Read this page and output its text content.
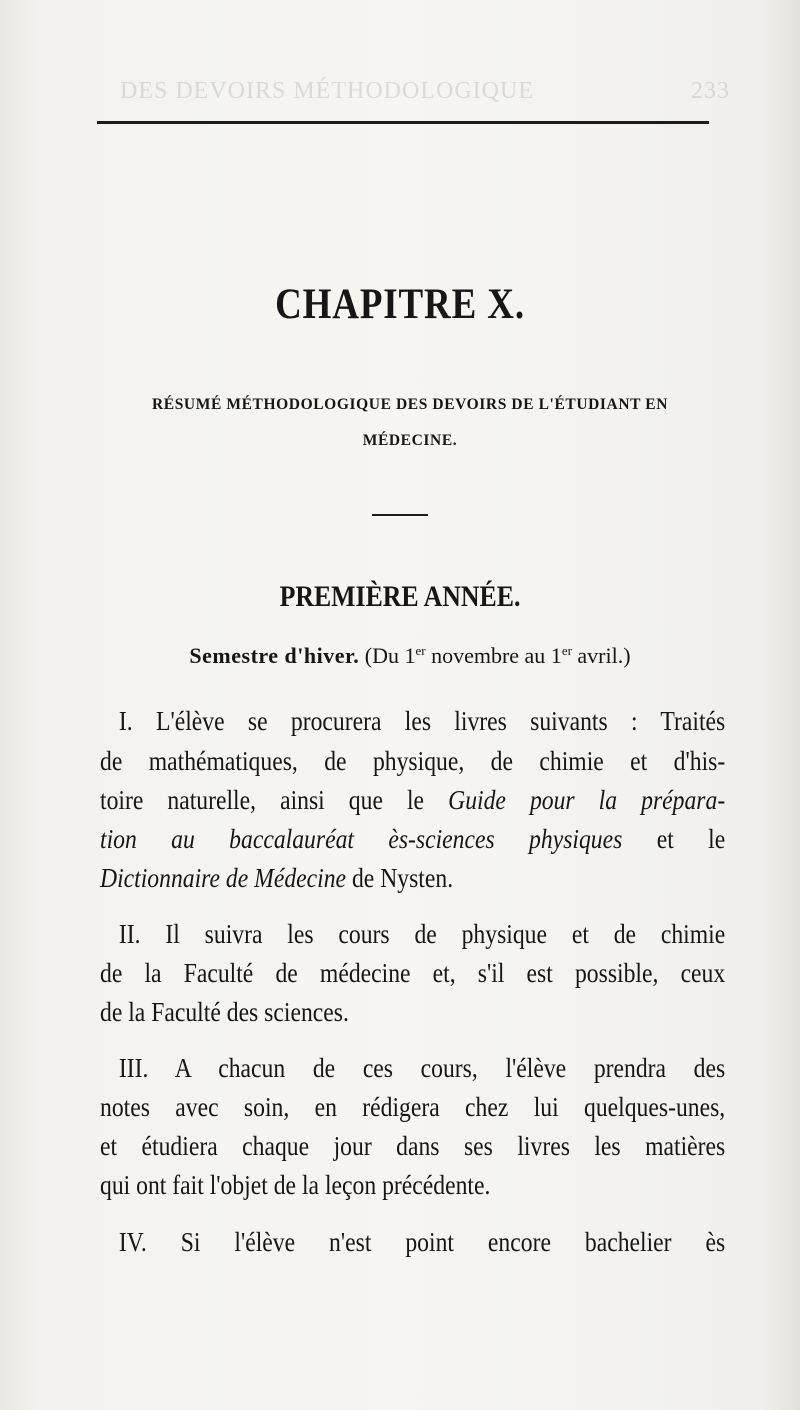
DES DEVOIRS MÉTHODOLOGIQUE	233
CHAPITRE X.
RÉSUMÉ MÉTHODOLOGIQUE DES DEVOIRS DE L'ÉTUDIANT EN
MÉDECINE.
PREMIÈRE ANNÉE.
Semestre d'hiver. (Du 1er novembre au 1er avril.)
I. L'élève se procurera les livres suivants : Traités
de mathématiques, de physique, de chimie et d'his-
toire naturelle, ainsi que le Guide pour la prépara-
tion au baccalauréat ès-sciences physiques et le
Dictionnaire de Médecine de Nysten.
II. Il suivra les cours de physique et de chimie
de la Faculté de médecine et, s'il est possible, ceux
de la Faculté des sciences.
III. A chacun de ces cours, l'élève prendra des
notes avec soin, en rédigera chez lui quelques-unes,
et étudiera chaque jour dans ses livres les matières
qui ont fait l'objet de la leçon précédente.
IV. Si l'élève n'est point encore bachelier ès
